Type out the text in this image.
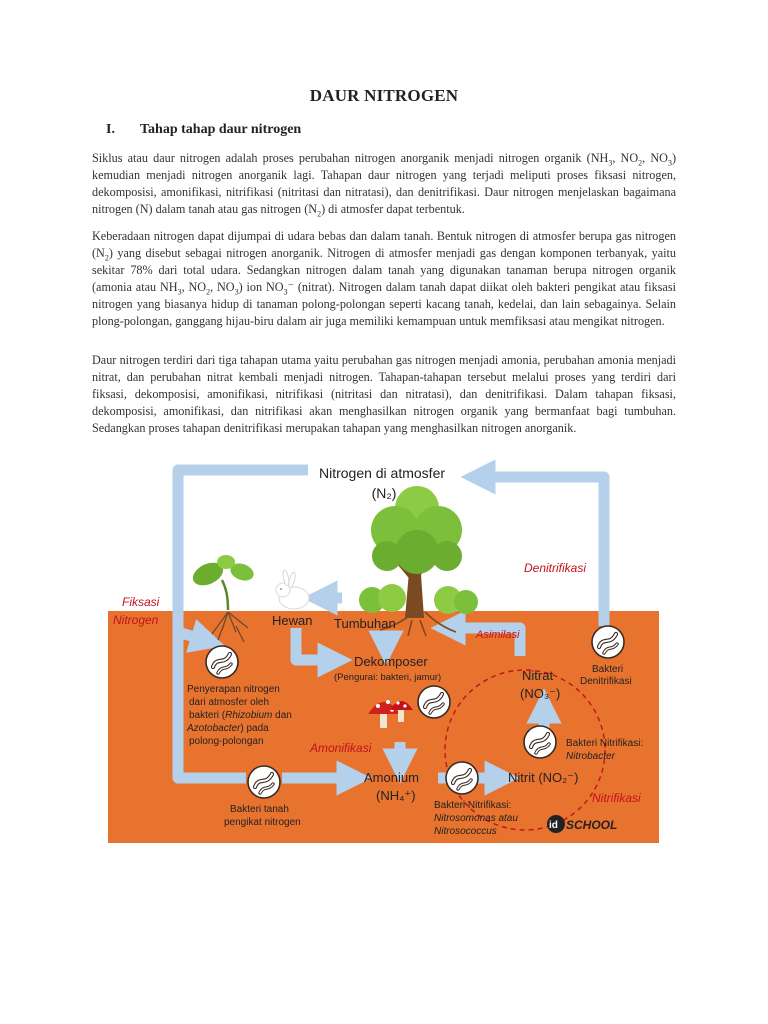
DAUR NITROGEN
I. Tahap tahap daur nitrogen

Siklus atau daur nitrogen adalah proses perubahan nitrogen anorganik menjadi nitrogen organik ($NH_3$, $NO_2$, $NO_3$) kemudian menjadi nitrogen anorganik lagi. Tahapan daur nitrogen yang terjadi meliputi proses fiksasi nitrogen, dekomposisi, amonifikasi, nitrifikasi (nitritasi dan nitratasi), dan denitrifikasi. Daur nitrogen menjelaskan bagaimana nitrogen (N) dalam tanah atau gas nitrogen $(N_2)$ di atmosfer dapat terbentuk.

Keberadaan nitrogen dapat dijumpai di udara bebas dan dalam tanah. Bentuk nitrogen di atmosfer berupa gas nitrogen $(N_2)$ yang disebut sebagai nitrogen anorganik. Nitrogen di atmosfer menjadi gas dengan komponen terbanyak, yaitu sekitar 78% dari total udara. Sedangkan nitrogen dalam tanah yang digunakan tanaman berupa nitrogen organik (amonia atau $NH_3$, $NO_2$, $NO_3$) ion $NO_3^-$ (nitrat). Nitrogen dalam tanah dapat diikat oleh bakteri pengikat atau fiksasi nitrogen yang biasanya hidup di tanaman polong-polongan seperti kacang tanah, kedelai, dan lain sebagainya. Selain plong-polongan, ganggang hijau-biru dalam air juga memiliki kemampuan untuk memfiksasi atau mengikat nitrogen.

Daur nitrogen terdiri dari tiga tahapan utama yaitu perubahan gas nitrogen menjadi amonia, perubahan amonia menjadi nitrat, dan perubahan nitrat kembali menjadi nitrogen. Tahapan-tahapan tersebut melalui proses yang terdiri dari fiksasi, dekomposisi, amonifikasi, nitrifikasi (nitritasi dan nitratasi), dan denitrifikasi. Dalam tahapan fiksasi, dekomposisi, amonifikasi, dan nitrifikasi akan menghasilkan nitrogen organik yang bermanfaat bagi tumbuhan. Sedangkan proses tahapan denitrifikasi merupakan tahapan yang menghasilkan nitrogen anorganik.

Nitrogen di atmosfer
(N₂)
Fiksasi
Nitrogen
Denitrifikasi
Hewan Tumbuhan
Asimilasi
Dekomposer
(Pengurai: bakteri, jamur)	Nitrat
(NO₃⁻)
Bakteri
Denitrifikasi
Penyerapan nitrogen
dari atmosfer oleh
bakteri (Rhizobium dan
Azotobacter) pada
polong-polongan	Bakteri Nitrifikasi:
Nitrobacter
Amonifikasi
Amonium
(NH₄⁺)
Nitrit (NO₂⁻)
Nitrifikasi
Bakteri tanah
pengikat nitrogen
Bakteri Nitrifikasi:
Nitrosomonas atau
Nitrosococcus
id SCHOOL
